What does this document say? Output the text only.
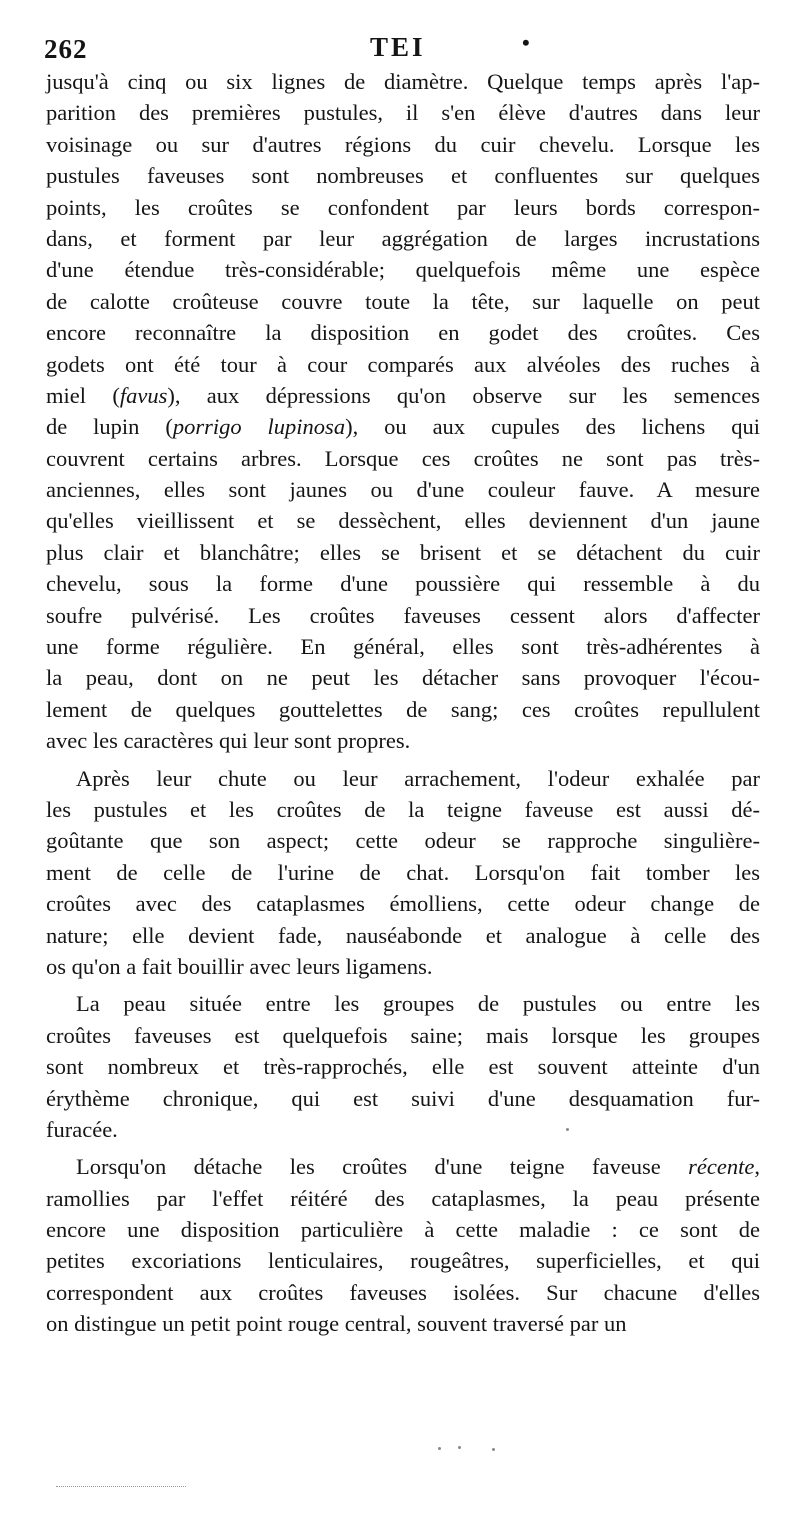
262	TEI	•
jusqu'à cinq ou six lignes de diamètre. Quelque temps après l'ap-
parition des premières pustules, il s'en élève d'autres dans leur
voisinage ou sur d'autres régions du cuir chevelu. Lorsque les
pustules faveuses sont nombreuses et confluentes sur quelques
points, les croûtes se confondent par leurs bords correspon-
dans, et forment par leur aggrégation de larges incrustations
d'une étendue très-considérable; quelquefois même une espèce
de calotte croûteuse couvre toute la tête, sur laquelle on peut
encore reconnaître la disposition en godet des croûtes. Ces
godets ont été tour à cour comparés aux alvéoles des ruches à
miel (favus), aux dépressions qu'on observe sur les semences
de lupin (porrigo lupinosa), ou aux cupules des lichens qui
couvrent certains arbres. Lorsque ces croûtes ne sont pas très-
anciennes, elles sont jaunes ou d'une couleur fauve. A mesure
qu'elles vieillissent et se dessèchent, elles deviennent d'un jaune
plus clair et blanchâtre; elles se brisent et se détachent du cuir
chevelu, sous la forme d'une poussière qui ressemble à du
soufre pulvérisé. Les croûtes faveuses cessent alors d'affecter
une forme régulière. En général, elles sont très-adhérentes à
la peau, dont on ne peut les détacher sans provoquer l'écou-
lement de quelques gouttelettes de sang; ces croûtes repullulent
avec les caractères qui leur sont propres.
Après leur chute ou leur arrachement, l'odeur exhalée par
les pustules et les croûtes de la teigne faveuse est aussi dé-
goûtante que son aspect; cette odeur se rapproche singulière-
ment de celle de l'urine de chat. Lorsqu'on fait tomber les
croûtes avec des cataplasmes émolliens, cette odeur change de
nature; elle devient fade, nauséabonde et analogue à celle des
os qu'on a fait bouillir avec leurs ligamens.
La peau située entre les groupes de pustules ou entre les
croûtes faveuses est quelquefois saine; mais lorsque les groupes
sont nombreux et très-rapprochés, elle est souvent atteinte d'un
érythème chronique, qui est suivi d'une desquamation fur-
furacée.
Lorsqu'on détache les croûtes d'une teigne faveuse récente,
ramollies par l'effet réitéré des cataplasmes, la peau présente
encore une disposition particulière à cette maladie : ce sont de
petites excoriations lenticulaires, rougeâtres, superficielles, et qui
correspondent aux croûtes faveuses isolées. Sur chacune d'elles
on distingue un petit point rouge central, souvent traversé par un
